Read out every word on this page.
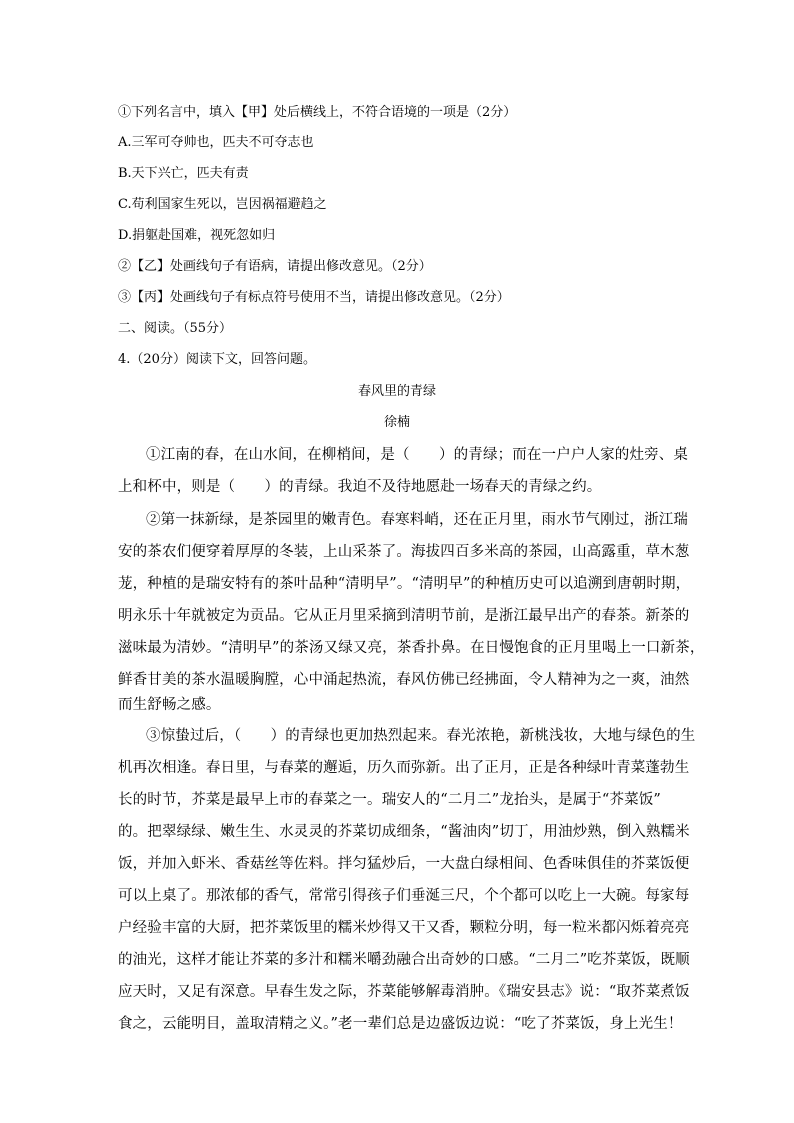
①下列名言中，填入【甲】处后横线上，不符合语境的一项是（2分）
A.三军可夺帅也，匹夫不可夺志也
B.天下兴亡，匹夫有责
C.苟利国家生死以，岂因祸福避趋之
D.捐躯赴国难，视死忽如归
②【乙】处画线句子有语病，请提出修改意见。（2分）
③【丙】处画线句子有标点符号使用不当，请提出修改意见。（2分）
二、阅读。（55分）
4.（20分）阅读下文，回答问题。
春风里的青绿
徐楠
①江南的春，在山水间，在柳梢间，是（　　）的青绿；而在一户户人家的灶旁、桌
上和杯中，则是（　　）的青绿。我迫不及待地愿赴一场春天的青绿之约。
②第一抹新绿，是茶园里的嫩青色。春寒料峭，还在正月里，雨水节气刚过，浙江瑞
安的茶农们便穿着厚厚的冬装，上山采茶了。海拔四百多米高的茶园，山高露重，草木葱
茏，种植的是瑞安特有的茶叶品种“清明早”。“清明早”的种植历史可以追溯到唐朝时期，
明永乐十年就被定为贡品。它从正月里采摘到清明节前，是浙江最早出产的春茶。新茶的
滋味最为清妙。“清明早”的茶汤又绿又亮，茶香扑鼻。在日慢饱食的正月里喝上一口新茶，
鲜香甘美的茶水温暖胸膛，心中涌起热流，春风仿佛已经拂面，令人精神为之一爽，油然
而生舒畅之感。
③惊蛰过后，（　　）的青绿也更加热烈起来。春光浓艳，新桃浅妆，大地与绿色的生
机再次相逢。春日里，与春菜的邂逅，历久而弥新。出了正月，正是各种绿叶青菜蓬勃生
长的时节，芥菜是最早上市的春菜之一。瑞安人的“二月二”龙抬头，是属于“芥菜饭”
的。把翠绿绿、嫩生生、水灵灵的芥菜切成细条，“酱油肉”切丁，用油炒熟，倒入熟糯米
饭，并加入虾米、香菇丝等佐料。拌匀猛炒后，一大盘白绿相间、色香味俱佳的芥菜饭便
可以上桌了。那浓郁的香气，常常引得孩子们垂涎三尺，个个都可以吃上一大碗。每家每
户经验丰富的大厨，把芥菜饭里的糯米炒得又干又香，颗粒分明，每一粒米都闪烁着亮亮
的油光，这样才能让芥菜的多汁和糯米嚼劲融合出奇妙的口感。“二月二”吃芥菜饭，既顺
应天时，又足有深意。早春生发之际，芥菜能够解毒消肿。《瑞安县志》说：“取芥菜煮饭
食之，云能明目，盖取清精之义。”老一辈们总是边盛饭边说：“吃了芥菜饭，身上光生！
